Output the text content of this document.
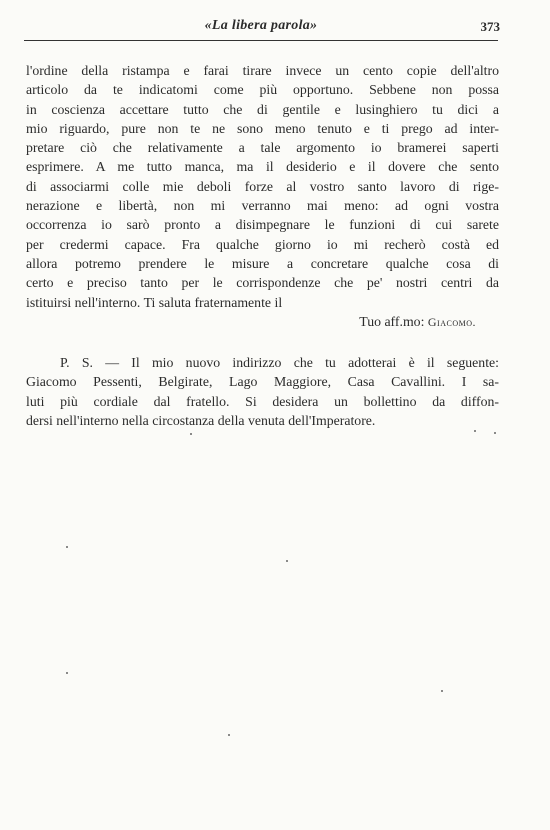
«La libera parola»	373
l'ordine della ristampa e farai tirare invece un cento copie dell'altro
articolo da te indicatomi come più opportuno. Sebbene non possa
in coscienza accettare tutto che di gentile e lusinghiero tu dici a
mio riguardo, pure non te ne sono meno tenuto e ti prego ad inter-
pretare ciò che relativamente a tale argomento io bramerei saperti
esprimere. A me tutto manca, ma il desiderio e il dovere che sento
di associarmi colle mie deboli forze al vostro santo lavoro di rige-
nerazione e libertà, non mi verranno mai meno: ad ogni vostra
occorrenza io sarò pronto a disimpegnare le funzioni di cui sarete
per credermi capace. Fra qualche giorno io mi recherò costà ed
allora potremo prendere le misure a concretare qualche cosa di
certo e preciso tanto per le corrispondenze che pe' nostri centri da
istituirsi nell'interno. Ti saluta fraternamente il
Tuo aff.mo: Giacomo.
P. S. — Il mio nuovo indirizzo che tu adotterai è il seguente:
Giacomo Pessenti, Belgirate, Lago Maggiore, Casa Cavallini. I sa-
luti più cordiale dal fratello. Si desidera un bollettino da diffon-
dersi nell'interno nella circostanza della venuta dell'Imperatore.
